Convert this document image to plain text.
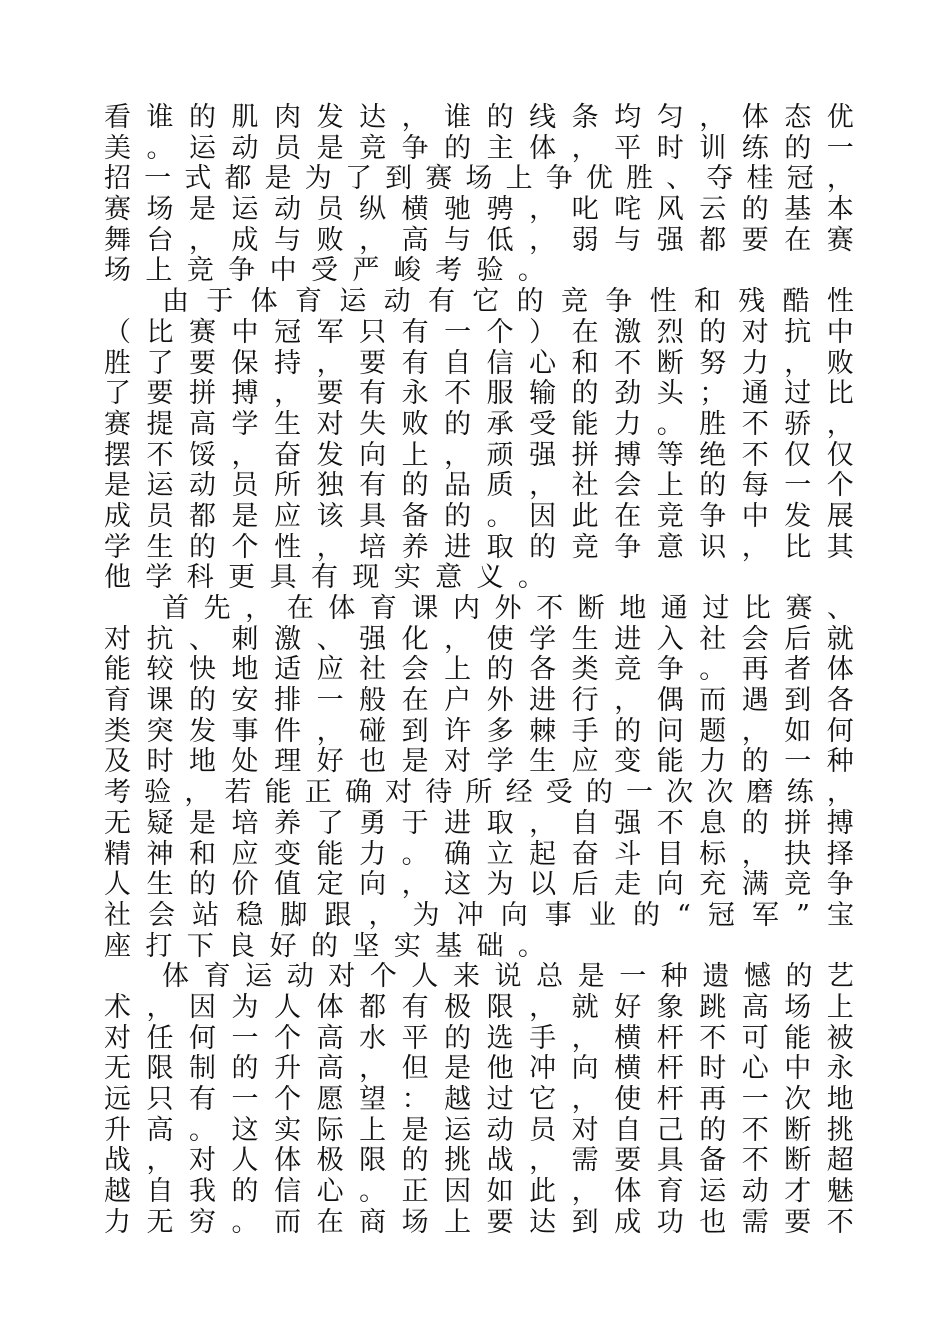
看 谁 的 肌 肉 发 达 ， 谁 的 线 条 均 匀 ， 体 态 优
美 。 运 动 员 是 竞 争 的 主 体 ， 平 时 训 练 的 一
招 一 式 都 是 为 了 到 赛 场 上 争 优 胜 、 夺 桂 冠 ，
赛 场 是 运 动 员 纵 横 驰 骋 ， 叱 咤 风 云 的 基 本
舞 台 ， 成 与 败 ， 高 与 低 ， 弱 与 强 都 要 在 赛
场 上 竞 争 中 受 严 峻 考 验 。
由 于 体 育 运 动 有 它 的 竞 争 性 和 残 酷 性
（ 比 赛 中 冠 军 只 有 一 个 ） 在 激 烈 的 对 抗 中
胜 了 要 保 持 ， 要 有 自 信 心 和 不 断 努 力 ， 败
了 要 拼 搏 ， 要 有 永 不 服 输 的 劲 头 ； 通 过 比
赛 提 高 学 生 对 失 败 的 承 受 能 力 。 胜 不 骄 ，
摆 不 馁 ， 奋 发 向 上 ， 顽 强 拼 搏 等 绝 不 仅 仅
是 运 动 员 所 独 有 的 品 质 ， 社 会 上 的 每 一 个
成 员 都 是 应 该 具 备 的 。 因 此 在 竞 争 中 发 展
学 生 的 个 性 ， 培 养 进 取 的 竞 争 意 识 ， 比 其
他 学 科 更 具 有 现 实 意 义 。
首 先 ， 在 体 育 课 内 外 不 断 地 通 过 比 赛 、
对 抗 、 刺 激 、 强 化 ， 使 学 生 进 入 社 会 后 就
能 较 快 地 适 应 社 会 上 的 各 类 竞 争 。 再 者 体
育 课 的 安 排 一 般 在 户 外 进 行 ， 偶 而 遇 到 各
类 突 发 事 件 ， 碰 到 许 多 棘 手 的 问 题 ， 如 何
及 时 地 处 理 好 也 是 对 学 生 应 变 能 力 的 一 种
考 验 ， 若 能 正 确 对 待 所 经 受 的 一 次 次 磨 练 ，
无 疑 是 培 养 了 勇 于 进 取 ， 自 强 不 息 的 拼 搏
精 神 和 应 变 能 力 。 确 立 起 奋 斗 目 标 ， 抉 择
人 生 的 价 值 定 向 ， 这 为 以 后 走 向 充 满 竞 争
社 会 站 稳 脚 跟 ， 为 冲 向 事 业 的 “ 冠 军 ” 宝
座 打 下 良 好 的 坚 实 基 础 。
体 育 运 动 对 个 人 来 说 总 是 一 种 遗 憾 的 艺
术 ， 因 为 人 体 都 有 极 限 ， 就 好 象 跳 高 场 上
对 任 何 一 个 高 水 平 的 选 手 ， 横 杆 不 可 能 被
无 限 制 的 升 高 ， 但 是 他 冲 向 横 杆 时 心 中 永
远 只 有 一 个 愿 望 ： 越 过 它 ， 使 杆 再 一 次 地
升 高 。 这 实 际 上 是 运 动 员 对 自 己 的 不 断 挑
战 ， 对 人 体 极 限 的 挑 战 ， 需 要 具 备 不 断 超
越 自 我 的 信 心 。 正 因 如 此 ， 体 育 运 动 才 魅
力 无 穷 。 而 在 商 场 上 要 达 到 成 功 也 需 要 不
